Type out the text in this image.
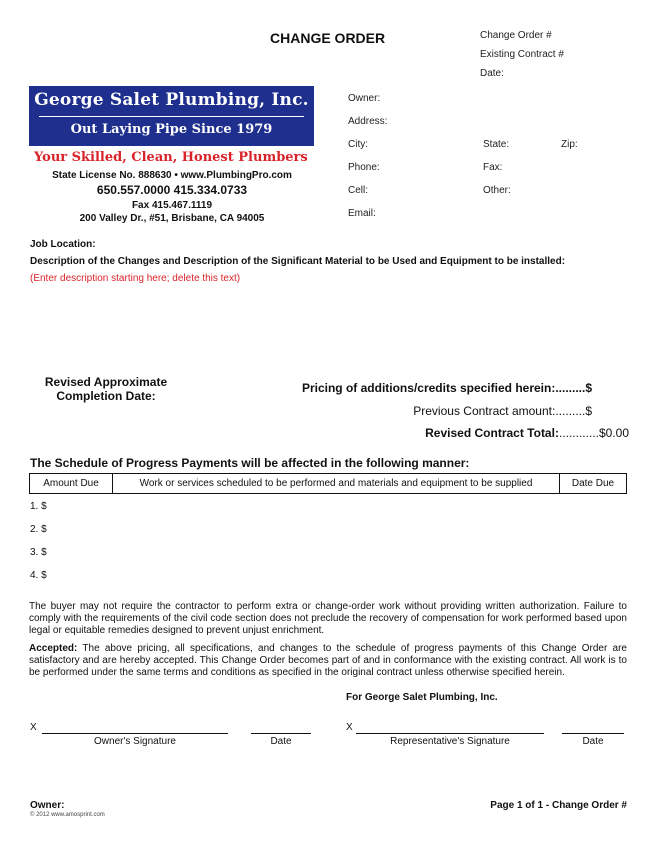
CHANGE ORDER	Change Order #
Existing Contract #
Date:
George Salet Plumbing, Inc.
Out Laying Pipe Since 1979
Your Skilled, Clean, Honest Plumbers
State License No. 888630 • www.PlumbingPro.com
650.557.0000 415.334.0733
Fax 415.467.1119
200 Valley Dr., #51, Brisbane, CA 94005
Owner:
Address:
City:	State:	Zip:
Phone:	Fax:
Cell:	Other:
Email:
Job Location:
Description of the Changes and Description of the Significant Material to be Used and Equipment to be installed:
(Enter description starting here; delete this text)
Revised Approximate
Completion Date:
Pricing of additions/credits specified herein:.........$
Previous Contract amount:.........$
Revised Contract Total:............$0.00
The Schedule of Progress Payments will be affected in the following manner:
Amount Due	Work or services scheduled to be performed and materials and equipment to be supplied	Date Due
1. $
2. $
3. $
4. $
The buyer may not require the contractor to perform extra or change-order work without providing written authorization. Failure to comply with the requirements of the civil code section does not preclude the recovery of compensation for work performed based upon legal or equitable remedies designed to prevent unjust enrichment.
Accepted: The above pricing, all specifications, and changes to the schedule of progress payments of this Change Order are satisfactory and are hereby accepted. This Change Order becomes part of and in conformance with the existing contract. All work is to be performed under the same terms and conditions as specified in the original contract unless otherwise specified herein.
For George Salet Plumbing, Inc.
X
Owner's Signature	Date
X
Representative's Signature	Date
Owner:	Page 1 of 1 - Change Order #
© 2012 www.amosprint.com
